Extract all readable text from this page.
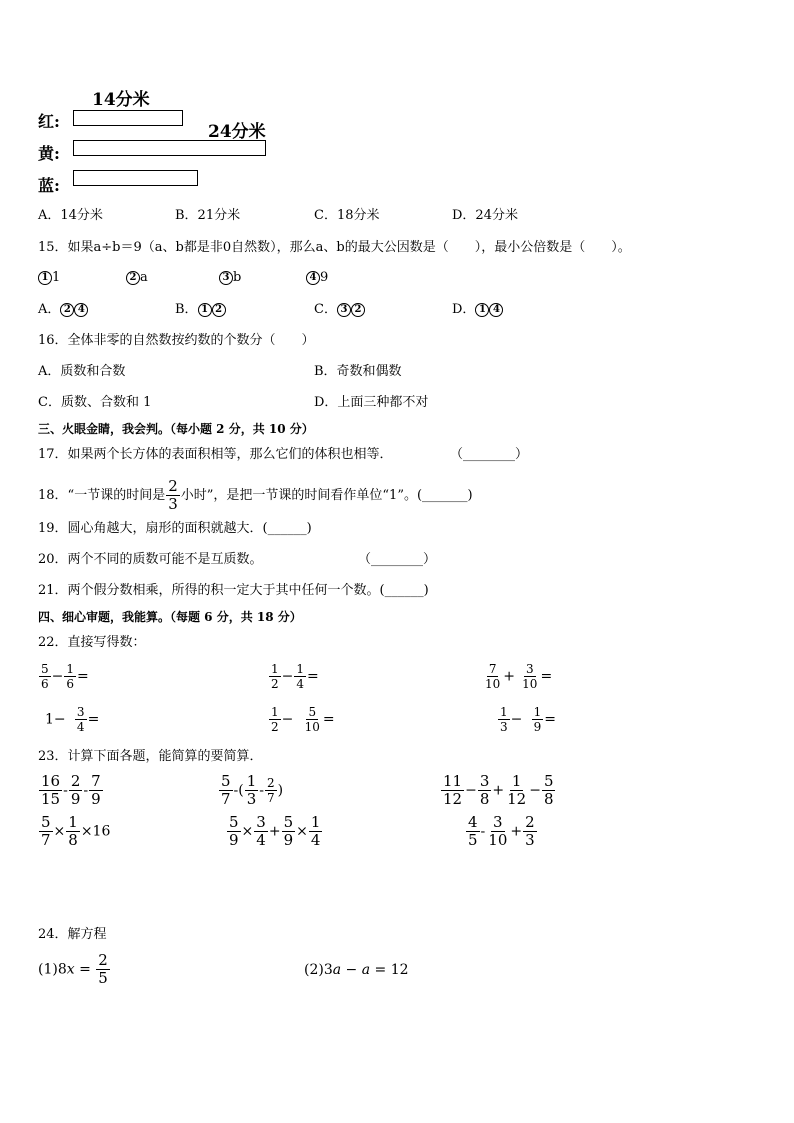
14分米
红:
24分米
黄:
蓝:
A．14分米	B．21分米	C．18分米	D．24分米
15．如果a÷b＝9（a、b都是非0自然数），那么a、b的最大公因数是（　　），最小公倍数是（　　）。
1 1	2 a	3 b	4 9
A． 2 4	B． 1 2	C． 3 2	D． 1 4
16．全体非零的自然数按约数的个数分（　　）
A．质数和合数	B．奇数和偶数
C．质数、合数和 1	D．上面三种都不对
三、火眼金睛，我会判。（每小题 2 分，共 10 分）
17．如果两个长方体的表面积相等，那么它们的体积也相等．	（________）
18．“一节课的时间是 $\frac{2}{3}$ 小时”，是把一节课的时间看作单位“1”。(_______)
19．圆心角越大，扇形的面积就越大．(______)
20．两个不同的质数可能不是互质数。	（________）
21．两个假分数相乘，所得的积一定大于其中任何一个数。(______)
四、细心审题，我能算。（每题 6 分，共 18 分）
22．直接写得数：
$\frac{5}{6} - \frac{1}{6}$ =	$\frac{1}{2} - \frac{1}{4}$ =	$\frac{7}{10} + \frac{3}{10}$ =
$1- \frac{3}{4}$ =	$\frac{1}{2} - \frac{5}{10}$ =	$\frac{1}{3} - \frac{1}{9}$ =
23．计算下面各题，能简算的要简算．
$\frac{16}{15} - \frac{2}{9} - \frac{7}{9}$	$\frac{5}{7}$ -( $\frac{1}{3} - \frac{2}{7}$ )	$\frac{11}{12} - \frac{3}{8} + \frac{1}{12} - \frac{5}{8}$
$\frac{5}{7} \times \frac{1}{8} \times 16$	$\frac{5}{9} \times \frac{3}{4} + \frac{5}{9} \times \frac{1}{4}$	$\frac{4}{5} - \frac{3}{10} + \frac{2}{3}$
24．解方程
$(1)8x = \frac{2}{5}$	(2)3a − a = 12
